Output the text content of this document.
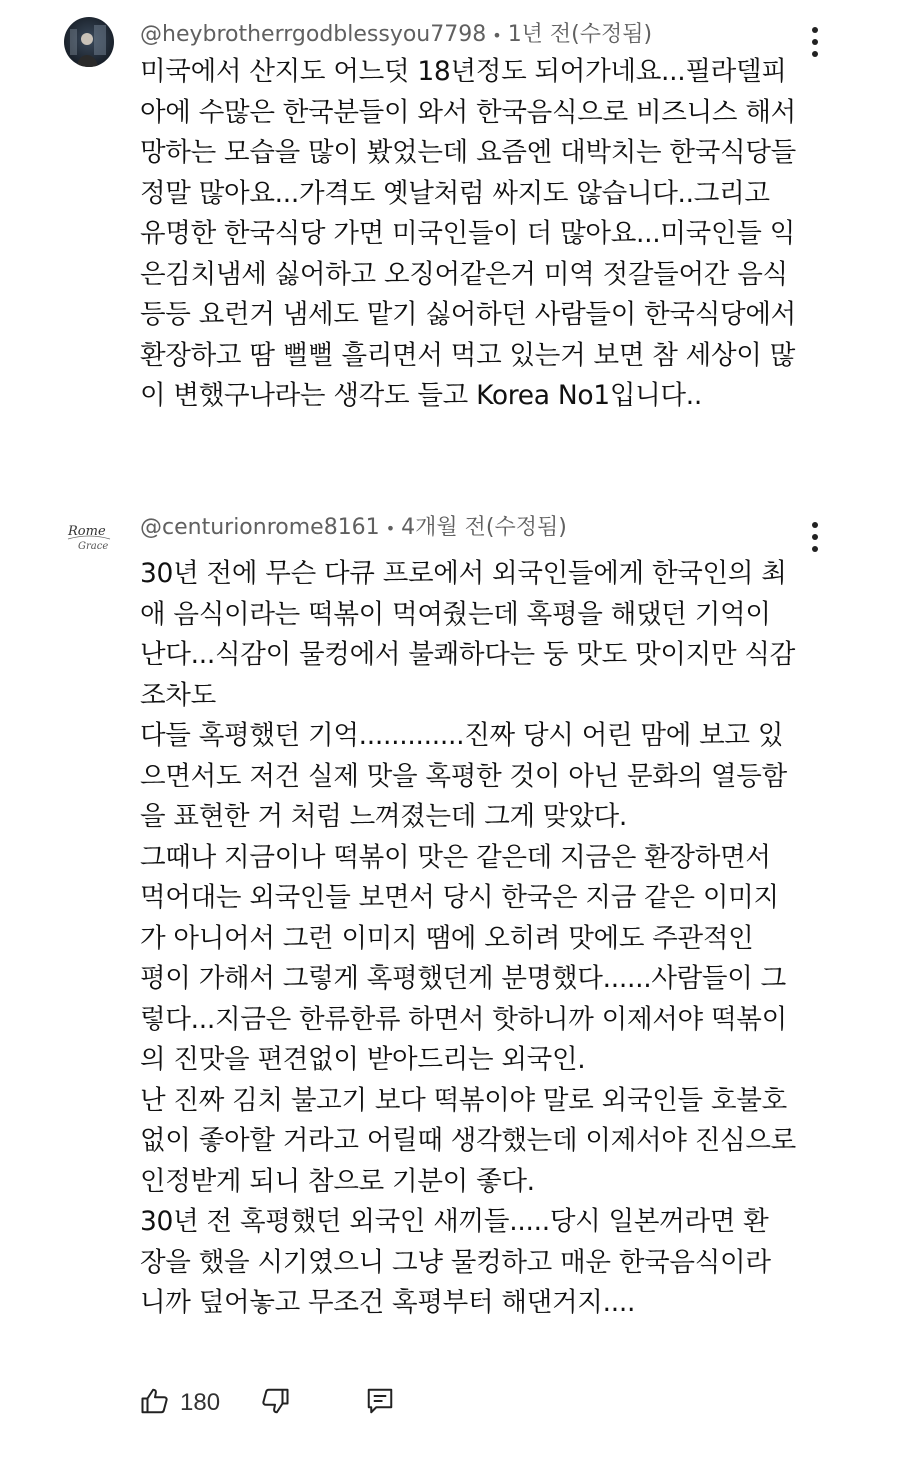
@heybrotherrgodblessyou7798 • 1년 전(수정됨)
미국에서 산지도 어느덧 18년정도 되어가네요...필라델피
아에 수많은 한국분들이 와서 한국음식으로 비즈니스 해서
망하는 모습을 많이 봤었는데 요즘엔 대박치는 한국식당들
정말 많아요...가격도 옛날처럼 싸지도 않습니다..그리고
유명한 한국식당 가면 미국인들이 더 많아요...미국인들 익
은김치냄세 싫어하고 오징어같은거 미역 젓갈들어간 음식
등등 요런거 냄세도 맡기 싫어하던 사람들이 한국식당에서
환장하고 땀 뻘뻘 흘리면서 먹고 있는거 보면 참 세상이 많
이 변했구나라는 생각도 들고 Korea No1입니다..
Rome
Grace
@centurionrome8161 • 4개월 전(수정됨)
30년 전에 무슨 다큐 프로에서 외국인들에게 한국인의 최
애 음식이라는 떡볶이 먹여줬는데 혹평을 해댔던 기억이
난다...식감이 물컹에서 불쾌하다는 둥 맛도 맛이지만 식감
조차도
다들 혹평했던 기억.............진짜 당시 어린 맘에 보고 있
으면서도 저건 실제 맛을 혹평한 것이 아닌 문화의 열등함
을 표현한 거 처럼 느껴졌는데 그게 맞았다.
그때나 지금이나 떡볶이 맛은 같은데 지금은 환장하면서
먹어대는 외국인들 보면서 당시 한국은 지금 같은 이미지
가 아니어서 그런 이미지 땜에 오히려 맛에도 주관적인
평이 가해서 그렇게 혹평했던게 분명했다......사람들이 그
렇다...지금은 한류한류 하면서 핫하니까 이제서야 떡볶이
의 진맛을 편견없이 받아드리는 외국인.
난 진짜 김치 불고기 보다 떡볶이야 말로 외국인들 호불호
없이 좋아할 거라고 어릴때 생각했는데 이제서야 진심으로
인정받게 되니 참으로 기분이 좋다.
30년 전 혹평했던 외국인 새끼들.....당시 일본꺼라면 환
장을 했을 시기였으니 그냥 물컹하고 매운 한국음식이라
니까 덮어놓고 무조건 혹평부터 해댄거지....
180
